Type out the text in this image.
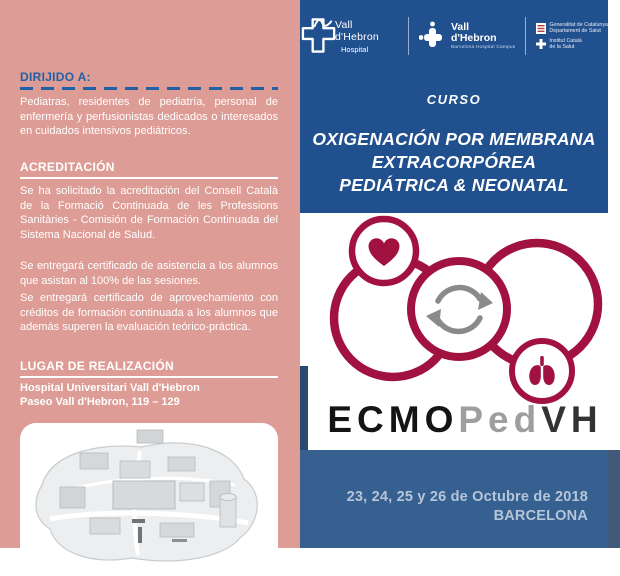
DIRIJIDO A:

Pediatras, residentes de pediatría, personal de enfermería y perfusionistas dedicados o interesados en cuidados intensivos pediátricos.

ACREDITACIÓN

Se ha solicitado la acreditación del Consell Català de la Formació Continuada de les Professions Sanitàries - Comisión de Formación Continuada del Sistema Nacional de Salud.

Se entregará certificado de asistencia a los alumnos que asistan al 100% de las sesiones.

Se entregará certificado de aprovechamiento con créditos de formación continuada a los alumnos que además superen la evaluación teórico-práctica.

LUGAR DE REALIZACIÓN
Hospital Universitari Vall d'Hebron
Paseo Vall d'Hebron, 119 – 129
Vall d'Hebron
Hospital
Vall
d'Hebron
Barcelona Hospital Campus
Generalitat de Catalunya
Departament de Salut
Institut Català
de la Salut
CURSO
OXIGENACIÓN POR MEMBRANA
EXTRACORPÓREA
PEDIÁTRICA & NEONATAL
ECMOPedVH
23, 24, 25 y 26 de Octubre de 2018
BARCELONA
